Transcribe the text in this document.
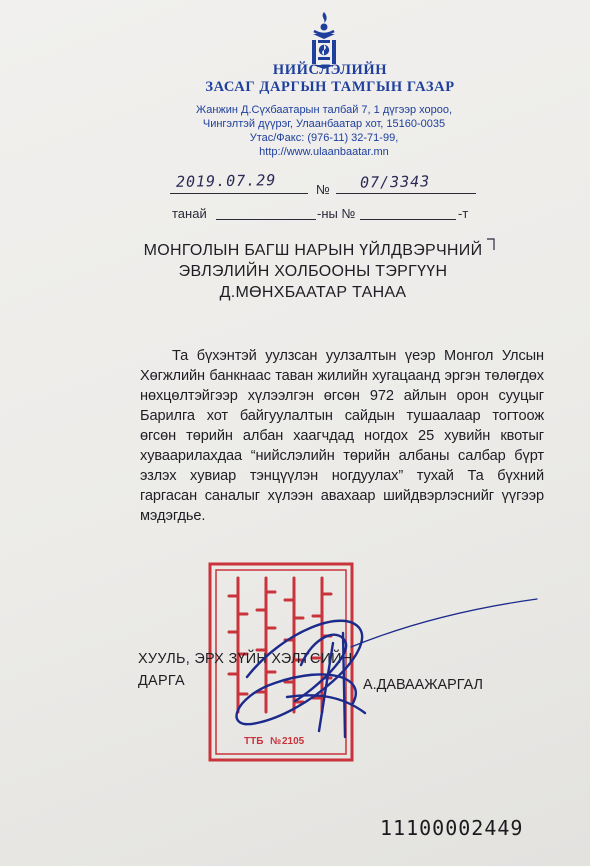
НИЙСЛЭЛИЙН
ЗАСАГ ДАРГЫН ТАМГЫН ГАЗАР
Жанжин Д.Сүхбаатарын талбай 7, 1 дүгээр хороо,
Чингэлтэй дүүрэг, Улаанбаатар хот, 15160-0035
Утас/Факс: (976-11) 32-71-99,
http://www.ulaanbaatar.mn
2019.07.29	№ 07/3343
танай	-ны №	-т
МОНГОЛЫН БАГШ НАРЫН ҮЙЛДВЭРЧНИЙ
ЭВЛЭЛИЙН ХОЛБООНЫ ТЭРГҮҮН
Д.МӨНХБААТАР ТАНАА

Та бүхэнтэй уулзсан уулзалтын үеэр Монгол Улсын Хөгжлийн банкнаас таван жилийн хугацаанд эргэн төлөгдөх нөхцөлтэйгээр хүлээлгэн өгсөн 972 айлын орон сууцыг Барилга хот байгуулалтын сайдын тушаалаар тогтоож өгсөн төрийн албан хаагчдад ногдох 25 хувийн квотыг хуваарилахдаа “нийслэлийн төрийн албаны салбар бүрт эзлэх хувиар тэнцүүлэн ногдуулах” тухай Та бүхний гаргасан саналыг хүлээн авахаар шийдвэрлэснийг үүгээр мэдэгдье.

ТТБ № 2105
ХУУЛЬ, ЭРХ ЗҮЙН ХЭЛТСИЙН
ДАРГА	А.ДАВААЖАРГАЛ
11100002449
